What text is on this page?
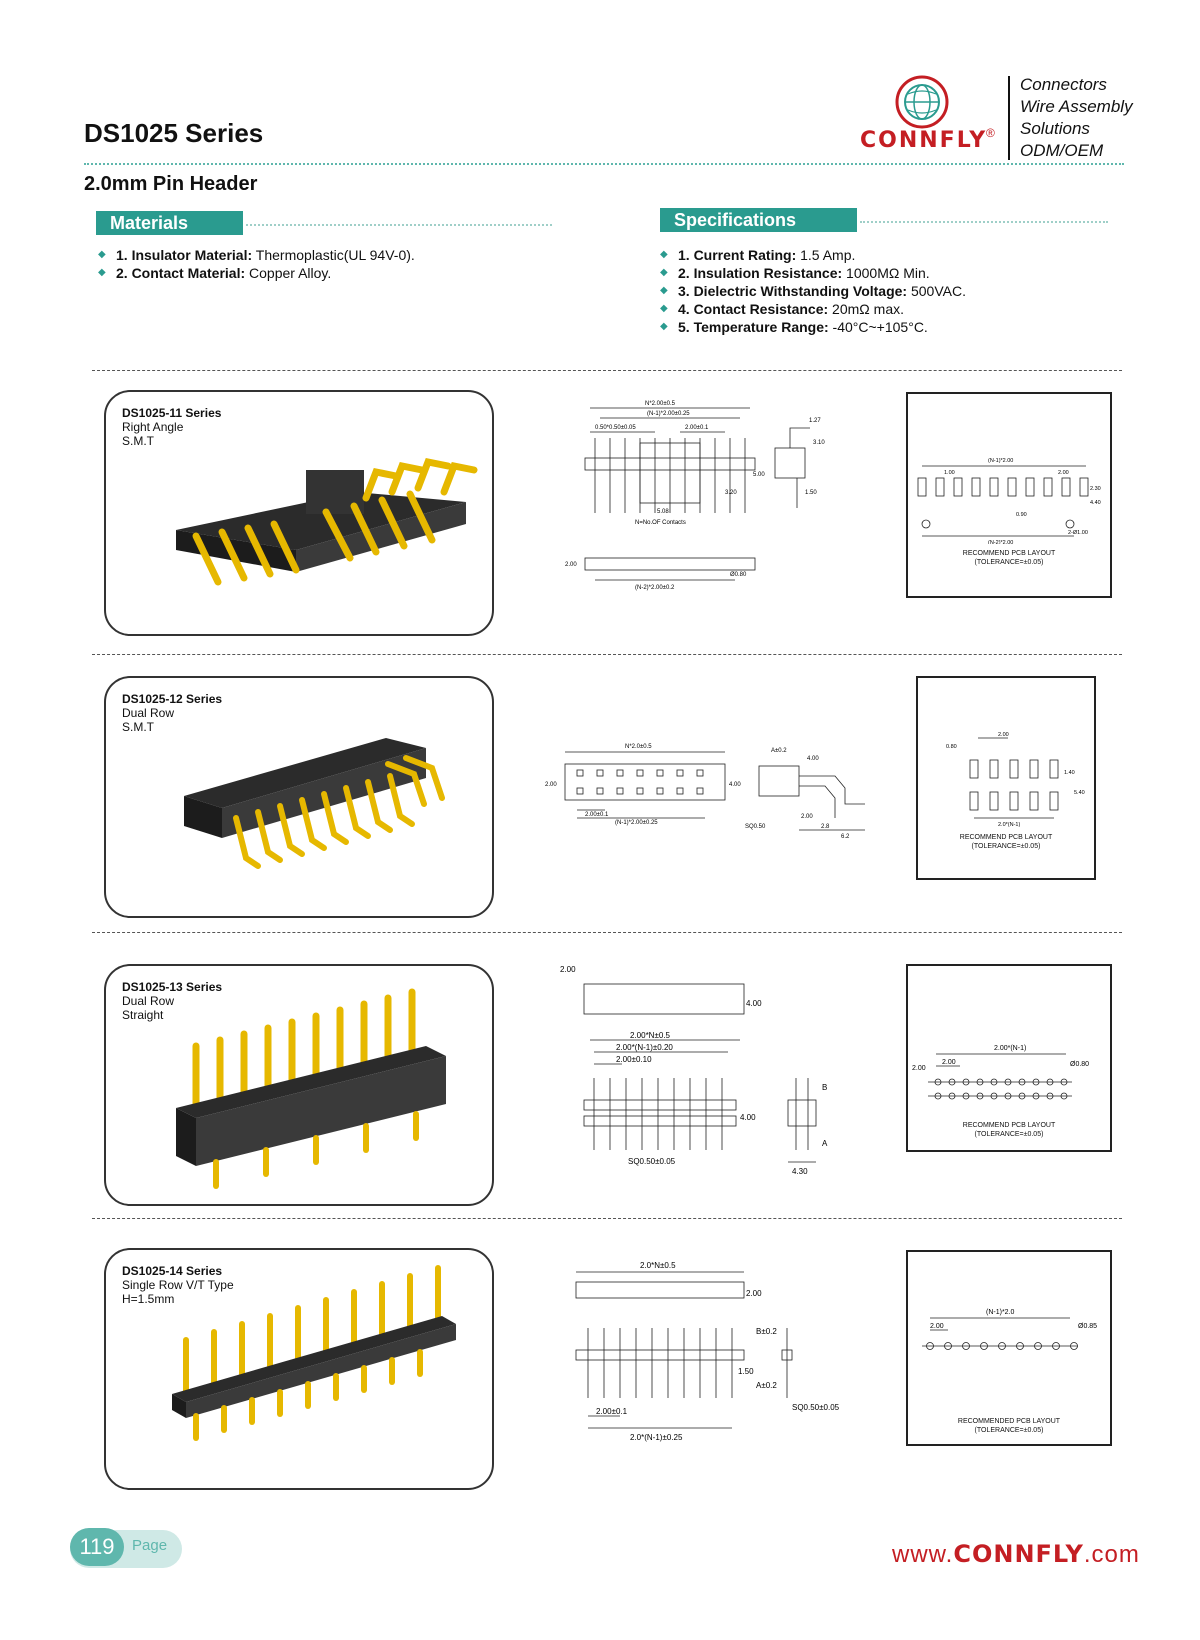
DS1025 Series	CONNFLY
®
Connectors
Wire Assembly
Solutions
ODM/OEM
2.0mm Pin Header
Materials
◆ 1. Insulator Material: Thermoplastic(UL 94V-0).
◆ 2. Contact Material: Copper Alloy.
Specifications
◆ 1. Current Rating: 1.5 Amp.
◆ 2. Insulation Resistance: 1000MΩ Min.
◆ 3. Dielectric Withstanding Voltage: 500VAC.
◆ 4. Contact Resistance: 20mΩ max.
◆ 5. Temperature Range: -40°C~+105°C.
DS1025-11 Series
Right Angle
S.M.T
N*2.00±0.5
(N-1)*2.00±0.25
0.50*0.50±0.05	2.00±0.1
5.08
N=No.OF Contacts
(N-2)*2.00±0.2
Ø0.80
5.00
3.20
1.27
3.10
1.50
2.00
(N-1)*2.00
1.00	2.00
0.90
(N-2)*2.00
2.30
4.40
2-Ø1.00
RECOMMEND PCB LAYOUT
(TOLERANCE=±0.05)
DS1025-12 Series
Dual Row
S.M.T
N*2.0±0.5
2.00±0.1
(N-1)*2.00±0.25
2.00	4.00
A±0.2
4.00
SQ0.50
2.00
2.8
6.2
2.00
0.80
1.40
5.40
2.0*(N-1)
RECOMMEND PCB LAYOUT
(TOLERANCE=±0.05)
DS1025-13 Series
Dual Row
Straight
2.00
4.00
2.00*N±0.5
2.00*(N-1)±0.20
2.00±0.10
4.00
SQ0.50±0.05
4.30
B
A
2.00*(N-1)
2.00
2.00
Ø0.80
RECOMMEND PCB LAYOUT
(TOLERANCE=±0.05)
DS1025-14 Series
Single Row V/T Type
H=1.5mm
2.0*N±0.5
2.00
B±0.2
1.50
A±0.2
2.00±0.1
2.0*(N-1)±0.25
SQ0.50±0.05
(N-1)*2.0
2.00	Ø0.85
RECOMMENDED PCB LAYOUT
(TOLERANCE=±0.05)
119	Page	www.CONNFLY.com
